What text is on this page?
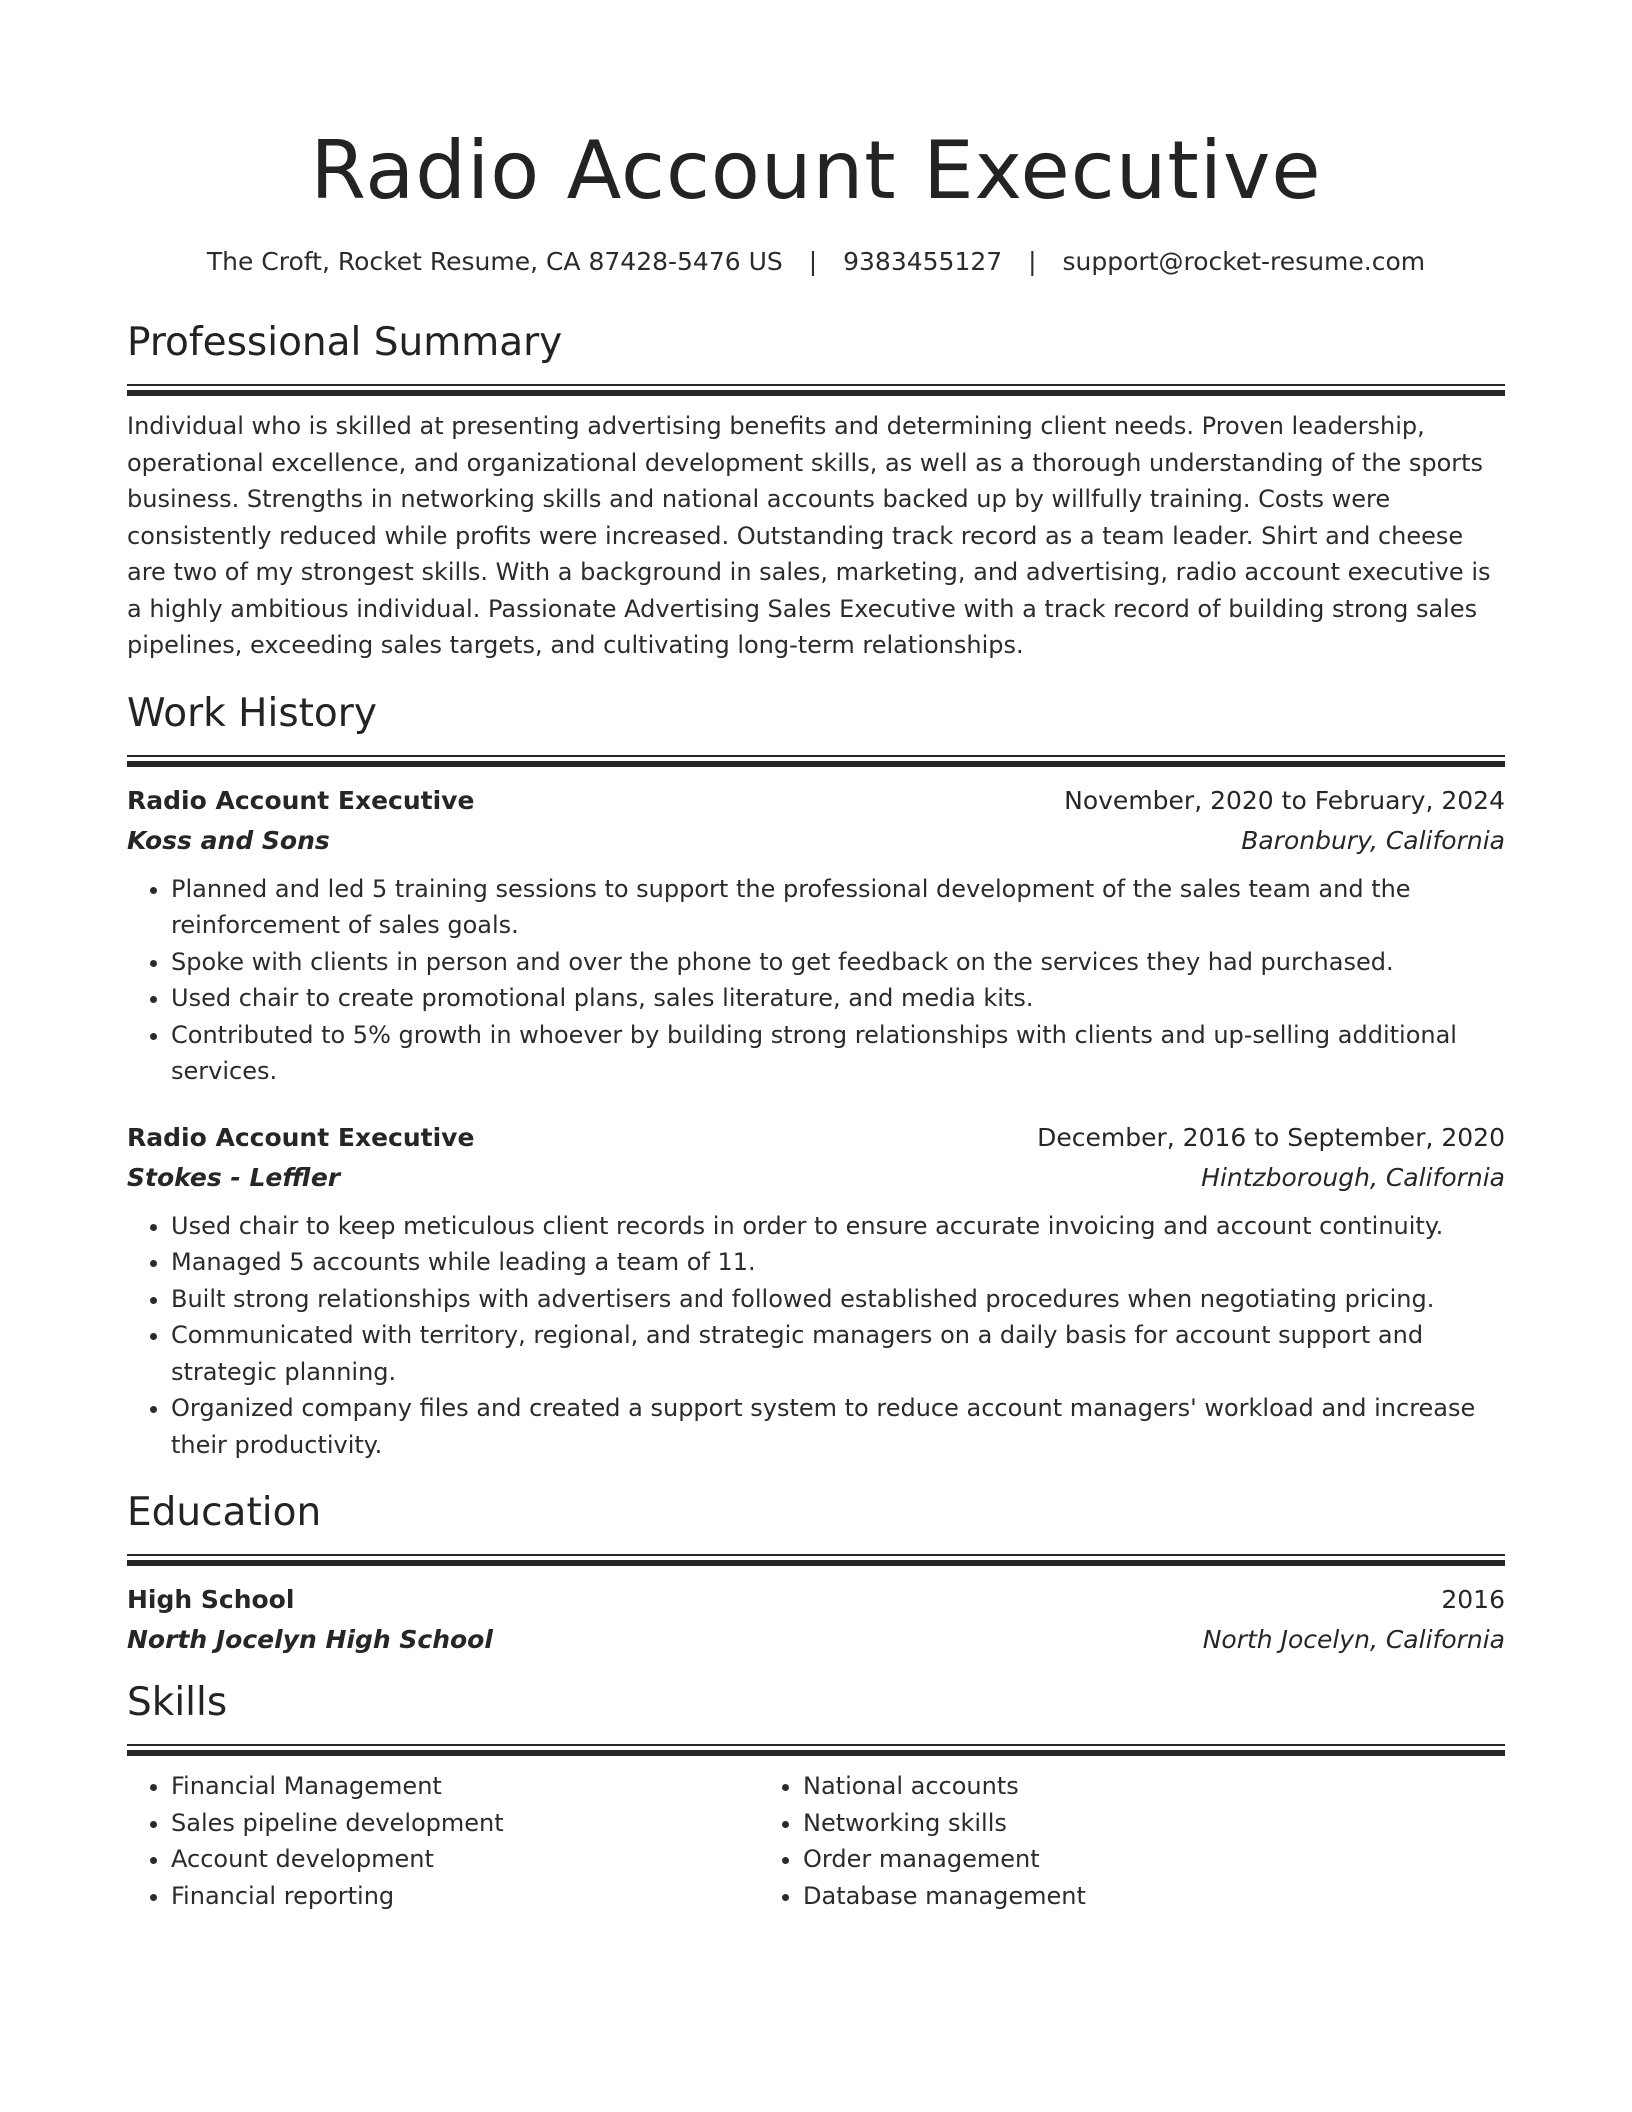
Radio Account Executive
The Croft, Rocket Resume, CA 87428-5476 US | 9383455127 | support@rocket-resume.com
Professional Summary
Individual who is skilled at presenting advertising benefits and determining client needs. Proven leadership, operational excellence, and organizational development skills, as well as a thorough understanding of the sports business. Strengths in networking skills and national accounts backed up by willfully training. Costs were consistently reduced while profits were increased. Outstanding track record as a team leader. Shirt and cheese are two of my strongest skills. With a background in sales, marketing, and advertising, radio account executive is a highly ambitious individual. Passionate Advertising Sales Executive with a track record of building strong sales pipelines, exceeding sales targets, and cultivating long-term relationships.
Work History
Radio Account Executive	November, 2020 to February, 2024
Koss and Sons	Baronbury, California
• Planned and led 5 training sessions to support the professional development of the sales team and the reinforcement of sales goals.
• Spoke with clients in person and over the phone to get feedback on the services they had purchased.
• Used chair to create promotional plans, sales literature, and media kits.
• Contributed to 5% growth in whoever by building strong relationships with clients and up-selling additional services.
Radio Account Executive	December, 2016 to September, 2020
Stokes - Leffler	Hintzborough, California
• Used chair to keep meticulous client records in order to ensure accurate invoicing and account continuity.
• Managed 5 accounts while leading a team of 11.
• Built strong relationships with advertisers and followed established procedures when negotiating pricing.
• Communicated with territory, regional, and strategic managers on a daily basis for account support and strategic planning.
• Organized company files and created a support system to reduce account managers' workload and increase their productivity.
Education
High School	2016
North Jocelyn High School	North Jocelyn, California
Skills
• Financial Management
• Sales pipeline development
• Account development
• Financial reporting
• National accounts
• Networking skills
• Order management
• Database management
